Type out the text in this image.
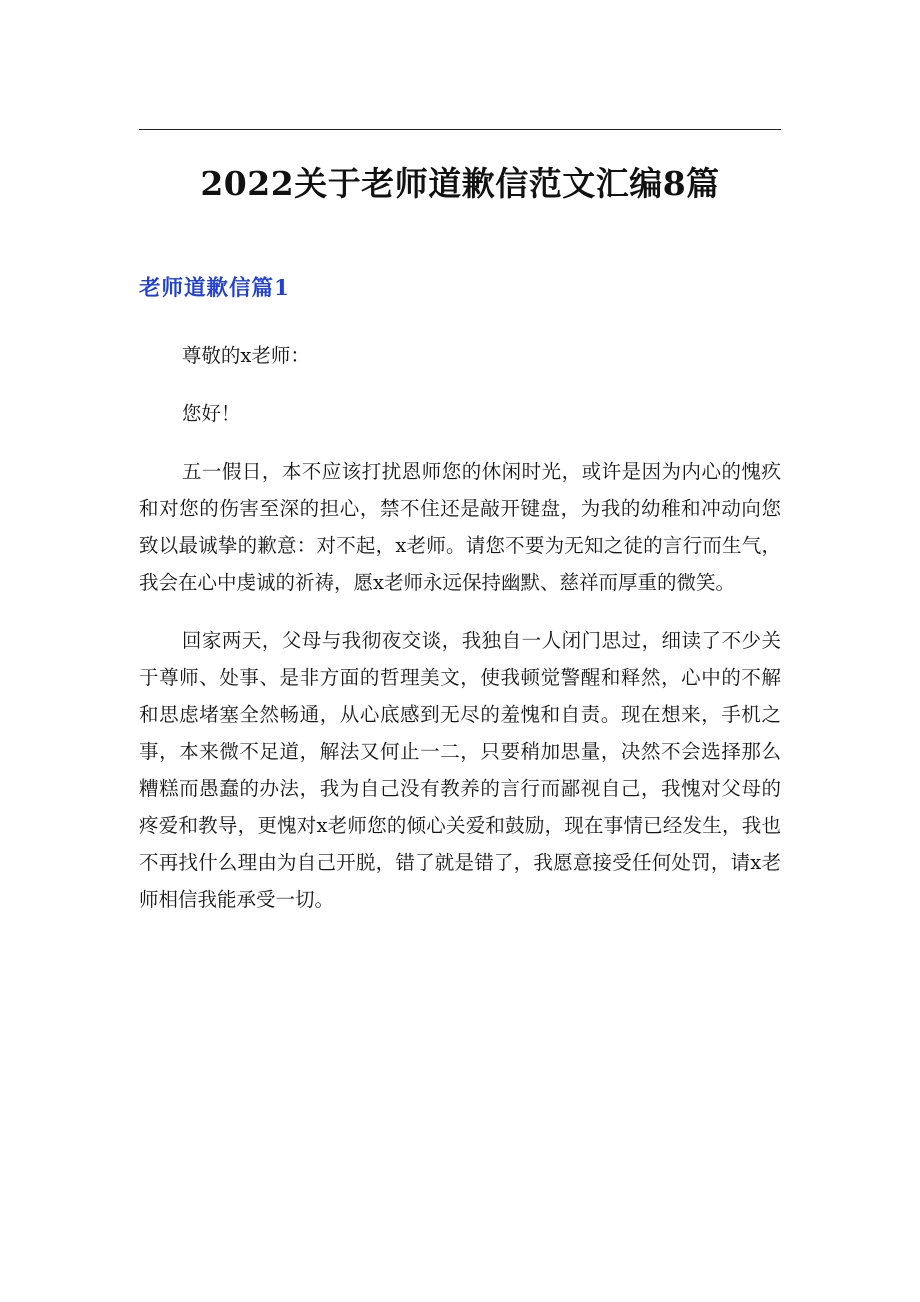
2022关于老师道歉信范文汇编8篇
老师道歉信篇1

尊敬的x老师：

您好！

五一假日，本不应该打扰恩师您的休闲时光，或许是因为内心的愧疚和对您的伤害至深的担心，禁不住还是敲开键盘，为我的幼稚和冲动向您致以最诚挚的歉意：对不起，x老师。请您不要为无知之徒的言行而生气，我会在心中虔诚的祈祷，愿x老师永远保持幽默、慈祥而厚重的微笑。

回家两天，父母与我彻夜交谈，我独自一人闭门思过，细读了不少关于尊师、处事、是非方面的哲理美文，使我顿觉警醒和释然，心中的不解和思虑堵塞全然畅通，从心底感到无尽的羞愧和自责。现在想来，手机之事，本来微不足道，解法又何止一二，只要稍加思量，决然不会选择那么糟糕而愚蠢的办法，我为自己没有教养的言行而鄙视自己，我愧对父母的疼爱和教导，更愧对x老师您的倾心关爱和鼓励，现在事情已经发生，我也不再找什么理由为自己开脱，错了就是错了，我愿意接受任何处罚，请x老师相信我能承受一切。
